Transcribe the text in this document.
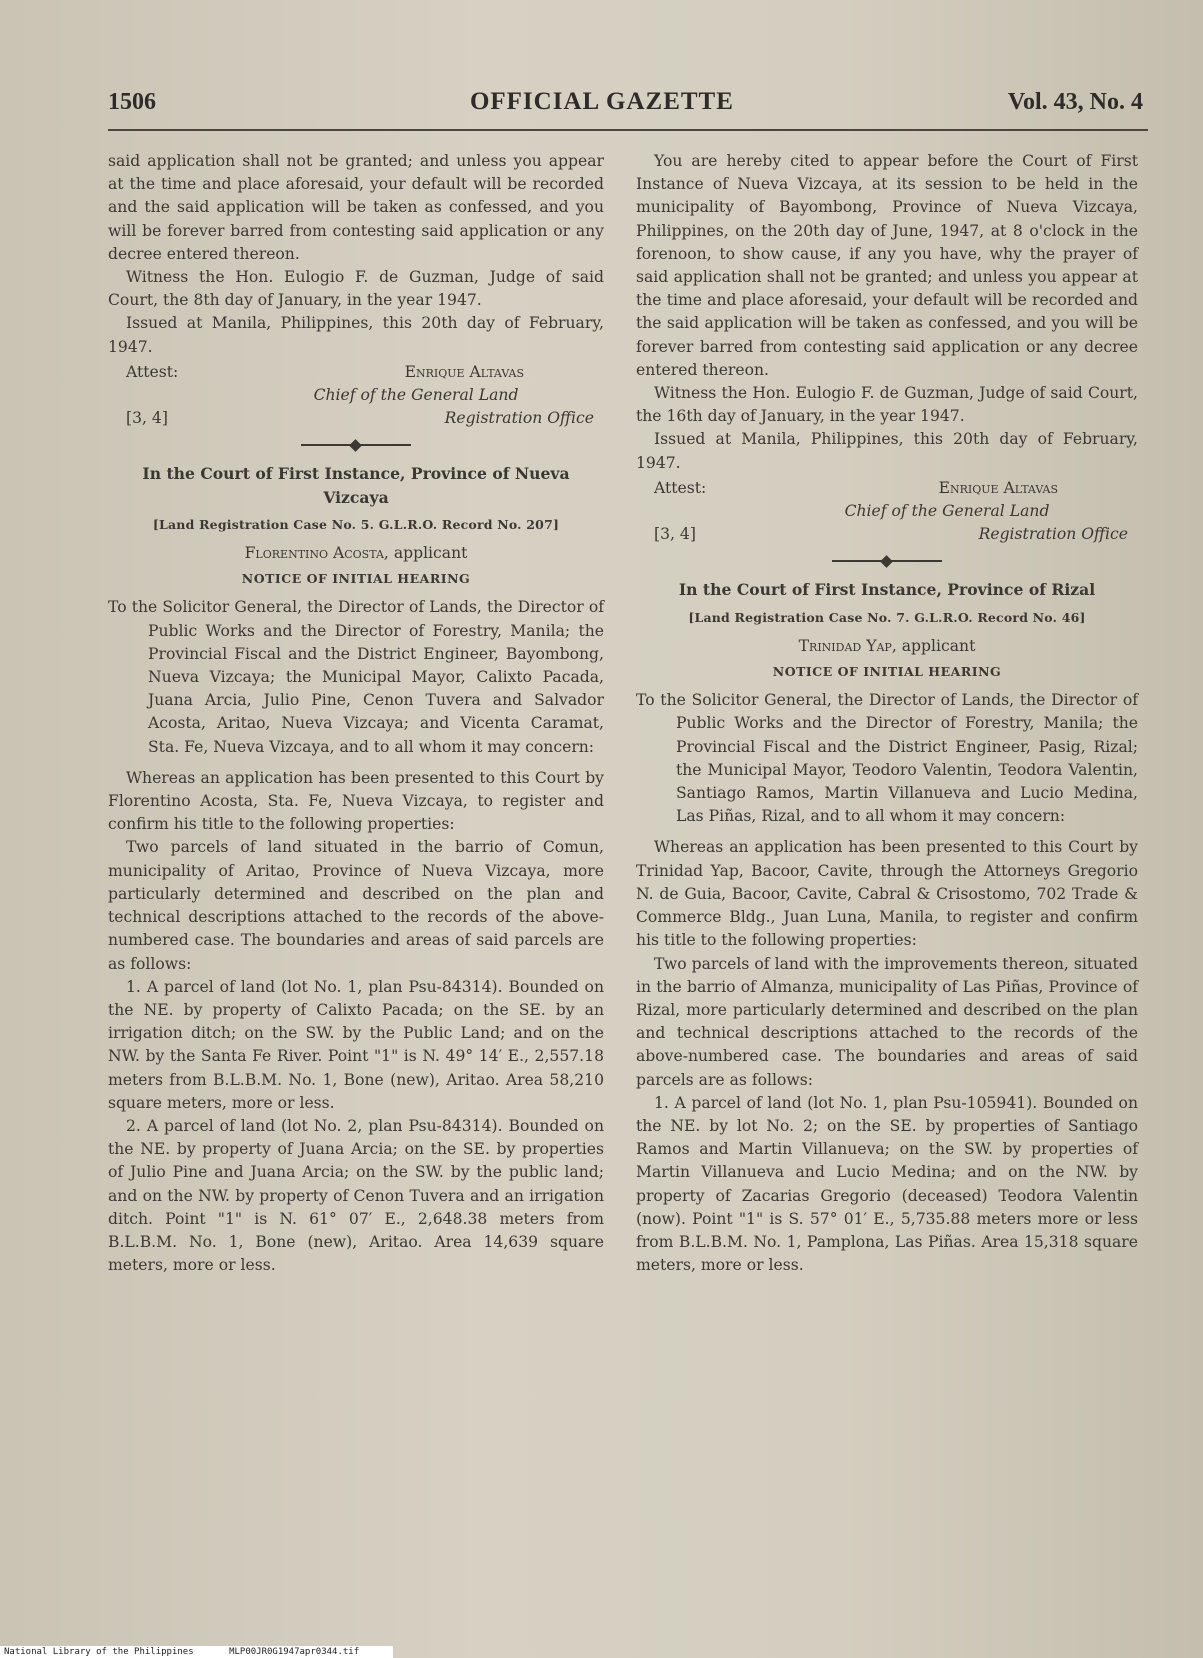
1506	OFFICIAL GAZETTE	Vol. 43, No. 4

said application shall not be granted; and unless you appear at the time and place aforesaid, your default will be recorded and the said application will be taken as confessed, and you will be forever barred from contesting said application or any decree entered thereon.

Witness the Hon. Eulogio F. de Guzman, Judge of said Court, the 8th day of January, in the year 1947.

Issued at Manila, Philippines, this 20th day of February, 1947.

Attest:	Enrique Altavas
Chief of the General Land
[3, 4]	Registration Office
In the Court of First Instance, Province of Nueva Vizcaya
[Land Registration Case No. 5. G.L.R.O. Record No. 207]
Florentino Acosta, applicant
NOTICE OF INITIAL HEARING
To the Solicitor General, the Director of Lands, the Director of Public Works and the Director of Forestry, Manila; the Provincial Fiscal and the District Engineer, Bayombong, Nueva Vizcaya; the Municipal Mayor, Calixto Pacada, Juana Arcia, Julio Pine, Cenon Tuvera and Salvador Acosta, Aritao, Nueva Vizcaya; and Vicenta Caramat, Sta. Fe, Nueva Vizcaya, and to all whom it may concern:

Whereas an application has been presented to this Court by Florentino Acosta, Sta. Fe, Nueva Vizcaya, to register and confirm his title to the following properties:

Two parcels of land situated in the barrio of Comun, municipality of Aritao, Province of Nueva Vizcaya, more particularly determined and described on the plan and technical descriptions attached to the records of the above-numbered case. The boundaries and areas of said parcels are as follows:

1. A parcel of land (lot No. 1, plan Psu-84314). Bounded on the NE. by property of Calixto Pacada; on the SE. by an irrigation ditch; on the SW. by the Public Land; and on the NW. by the Santa Fe River. Point "1" is N. 49° 14′ E., 2,557.18 meters from B.L.B.M. No. 1, Bone (new), Aritao. Area 58,210 square meters, more or less.

2. A parcel of land (lot No. 2, plan Psu-84314). Bounded on the NE. by property of Juana Arcia; on the SE. by properties of Julio Pine and Juana Arcia; on the SW. by the public land; and on the NW. by property of Cenon Tuvera and an irrigation ditch. Point "1" is N. 61° 07′ E., 2,648.38 meters from B.L.B.M. No. 1, Bone (new), Aritao. Area 14,639 square meters, more or less.

You are hereby cited to appear before the Court of First Instance of Nueva Vizcaya, at its session to be held in the municipality of Bayombong, Province of Nueva Vizcaya, Philippines, on the 20th day of June, 1947, at 8 o'clock in the forenoon, to show cause, if any you have, why the prayer of said application shall not be granted; and unless you appear at the time and place aforesaid, your default will be recorded and the said application will be taken as confessed, and you will be forever barred from contesting said application or any decree entered thereon.

Witness the Hon. Eulogio F. de Guzman, Judge of said Court, the 16th day of January, in the year 1947.

Issued at Manila, Philippines, this 20th day of February, 1947.

Attest:	Enrique Altavas
Chief of the General Land
[3, 4]	Registration Office
In the Court of First Instance, Province of Rizal
[Land Registration Case No. 7. G.L.R.O. Record No. 46]
Trinidad Yap, applicant
NOTICE OF INITIAL HEARING
To the Solicitor General, the Director of Lands, the Director of Public Works and the Director of Forestry, Manila; the Provincial Fiscal and the District Engineer, Pasig, Rizal; the Municipal Mayor, Teodoro Valentin, Teodora Valentin, Santiago Ramos, Martin Villanueva and Lucio Medina, Las Piñas, Rizal, and to all whom it may concern:

Whereas an application has been presented to this Court by Trinidad Yap, Bacoor, Cavite, through the Attorneys Gregorio N. de Guia, Bacoor, Cavite, Cabral & Crisostomo, 702 Trade & Commerce Bldg., Juan Luna, Manila, to register and confirm his title to the following properties:

Two parcels of land with the improvements thereon, situated in the barrio of Almanza, municipality of Las Piñas, Province of Rizal, more particularly determined and described on the plan and technical descriptions attached to the records of the above-numbered case. The boundaries and areas of said parcels are as follows:

1. A parcel of land (lot No. 1, plan Psu-105941). Bounded on the NE. by lot No. 2; on the SE. by properties of Santiago Ramos and Martin Villanueva; on the SW. by properties of Martin Villanueva and Lucio Medina; and on the NW. by property of Zacarias Gregorio (deceased) Teodora Valentin (now). Point "1" is S. 57° 01′ E., 5,735.88 meters more or less from B.L.B.M. No. 1, Pamplona, Las Piñas. Area 15,318 square meters, more or less.

National Library of the Philippines	MLP00JR0G1947apr0344.tif
